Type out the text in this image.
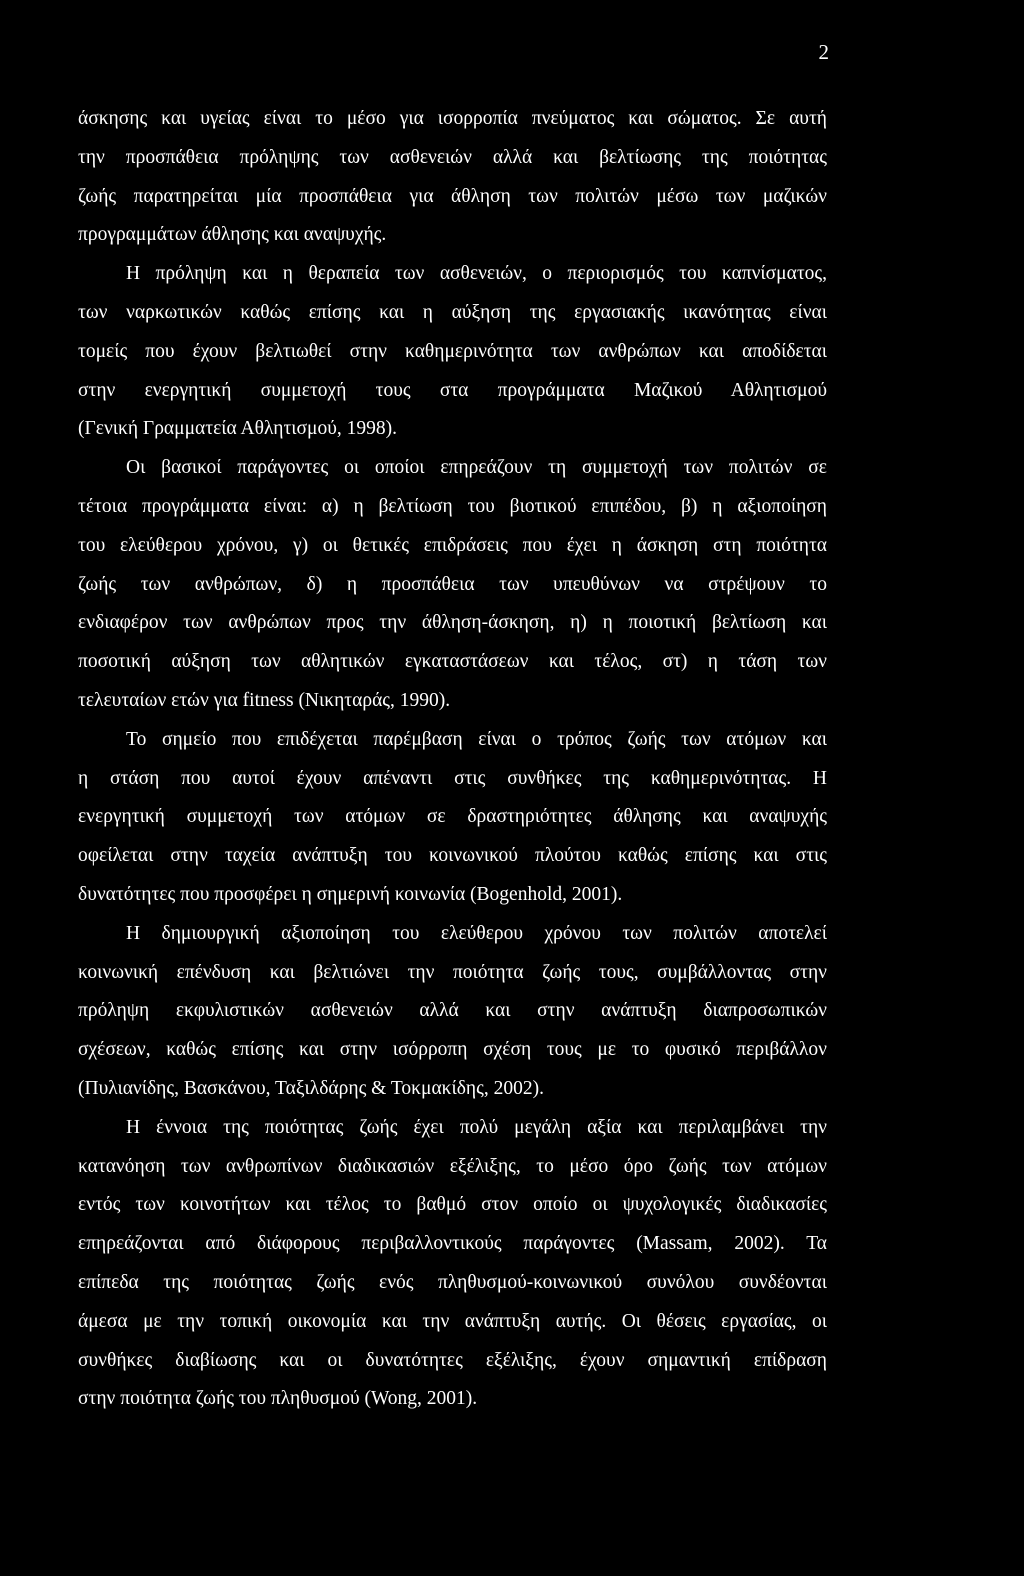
2
άσκησης και υγείας είναι το μέσο για ισορροπία πνεύματος και σώματος. Σε αυτή
την προσπάθεια πρόληψης των ασθενειών αλλά και βελτίωσης της ποιότητας
ζωής παρατηρείται μία προσπάθεια για άθληση των πολιτών μέσω των μαζικών
προγραμμάτων άθλησης και αναψυχής.
Η πρόληψη και η θεραπεία των ασθενειών, ο περιορισμός του καπνίσματος,
των ναρκωτικών καθώς επίσης και η αύξηση της εργασιακής ικανότητας είναι
τομείς που έχουν βελτιωθεί στην καθημερινότητα των ανθρώπων και αποδίδεται
στην ενεργητική συμμετοχή τους στα προγράμματα Μαζικού Αθλητισμού
(Γενική Γραμματεία Αθλητισμού, 1998).
Οι βασικοί παράγοντες οι οποίοι επηρεάζουν τη συμμετοχή των πολιτών σε
τέτοια προγράμματα είναι: α) η βελτίωση του βιοτικού επιπέδου, β) η αξιοποίηση
του ελεύθερου χρόνου, γ) οι θετικές επιδράσεις που έχει η άσκηση στη ποιότητα
ζωής των ανθρώπων, δ) η προσπάθεια των υπευθύνων να στρέψουν το
ενδιαφέρον των ανθρώπων προς την άθληση-άσκηση, η) η ποιοτική βελτίωση και
ποσοτική αύξηση των αθλητικών εγκαταστάσεων και τέλος, στ) η τάση των
τελευταίων ετών για fitness (Νικηταράς, 1990).
Το σημείο που επιδέχεται παρέμβαση είναι ο τρόπος ζωής των ατόμων και
η στάση που αυτοί έχουν απέναντι στις συνθήκες της καθημερινότητας. Η
ενεργητική συμμετοχή των ατόμων σε δραστηριότητες άθλησης και αναψυχής
οφείλεται στην ταχεία ανάπτυξη του κοινωνικού πλούτου καθώς επίσης και στις
δυνατότητες που προσφέρει η σημερινή κοινωνία (Bogenhold, 2001).
Η δημιουργική αξιοποίηση του ελεύθερου χρόνου των πολιτών αποτελεί
κοινωνική επένδυση και βελτιώνει την ποιότητα ζωής τους, συμβάλλοντας στην
πρόληψη εκφυλιστικών ασθενειών αλλά και στην ανάπτυξη διαπροσωπικών
σχέσεων, καθώς επίσης και στην ισόρροπη σχέση τους με το φυσικό περιβάλλον
(Πυλιανίδης, Βασκάνου, Ταξιλδάρης & Τοκμακίδης, 2002).
Η έννοια της ποιότητας ζωής έχει πολύ μεγάλη αξία και περιλαμβάνει την
κατανόηση των ανθρωπίνων διαδικασιών εξέλιξης, το μέσο όρο ζωής των ατόμων
εντός των κοινοτήτων και τέλος το βαθμό στον οποίο οι ψυχολογικές διαδικασίες
επηρεάζονται από διάφορους περιβαλλοντικούς παράγοντες (Massam, 2002). Τα
επίπεδα της ποιότητας ζωής ενός πληθυσμού-κοινωνικού συνόλου συνδέονται
άμεσα με την τοπική οικονομία και την ανάπτυξη αυτής. Οι θέσεις εργασίας, οι
συνθήκες διαβίωσης και οι δυνατότητες εξέλιξης, έχουν σημαντική επίδραση
στην ποιότητα ζωής του πληθυσμού (Wong, 2001).
